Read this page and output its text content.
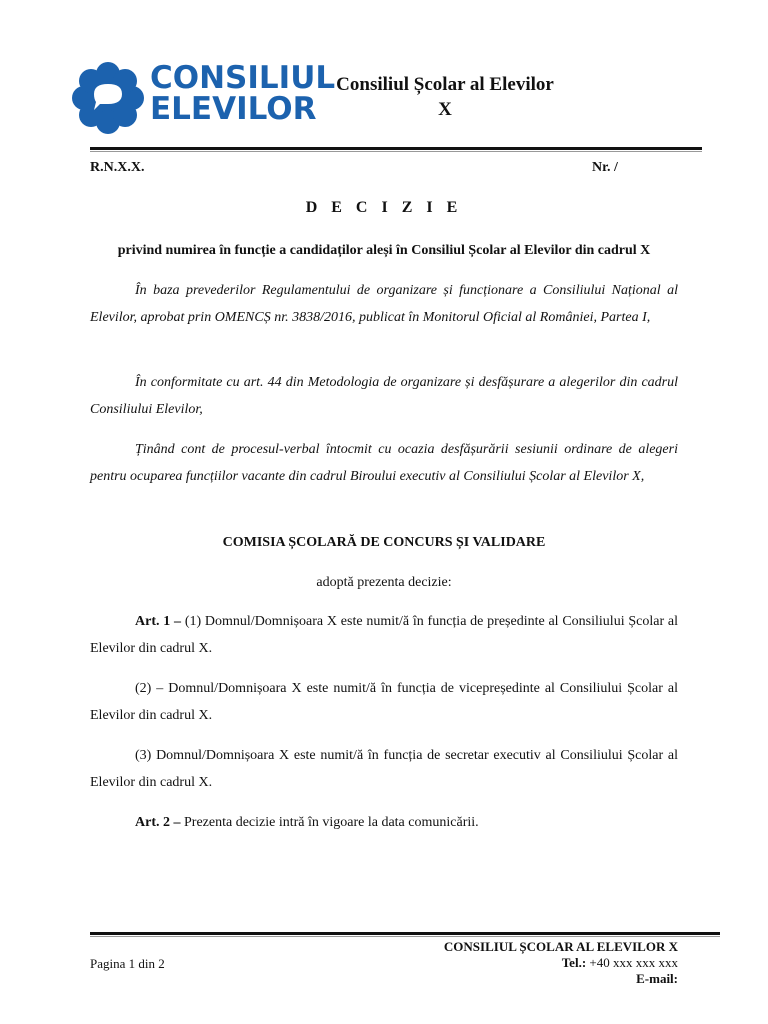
CONSILIUL
ELEVILOR
Consiliul Școlar al Elevilor
X
R.N.X.X.	Nr. /
D E C I Z I E
privind numirea în funcție a candidaților aleși în Consiliul Școlar al Elevilor din cadrul X
În baza prevederilor Regulamentului de organizare și funcționare a Consiliului Național al Elevilor, aprobat prin OMENCȘ nr. 3838/2016, publicat în Monitorul Oficial al României, Partea I,
În conformitate cu art. 44 din Metodologia de organizare și desfășurare a alegerilor din cadrul Consiliului Elevilor,
Ținând cont de procesul-verbal întocmit cu ocazia desfășurării sesiunii ordinare de alegeri pentru ocuparea funcțiilor vacante din cadrul Biroului executiv al Consiliului Școlar al Elevilor X,
COMISIA ȘCOLARĂ DE CONCURS ȘI VALIDARE
adoptă prezenta decizie:
Art. 1 – (1) Domnul/Domnișoara X este numit/ă în funcția de președinte al Consiliului Școlar al Elevilor din cadrul X.
(2) – Domnul/Domnișoara X este numit/ă în funcția de vicepreședinte al Consiliului Școlar al Elevilor din cadrul X.
(3) Domnul/Domnișoara X este numit/ă în funcția de secretar executiv al Consiliului Școlar al Elevilor din cadrul X.
Art. 2 – Prezenta decizie intră în vigoare la data comunicării.
CONSILIUL ȘCOLAR AL ELEVILOR X
Tel.: +40 xxx xxx xxx
E-mail:
Pagina 1 din 2
